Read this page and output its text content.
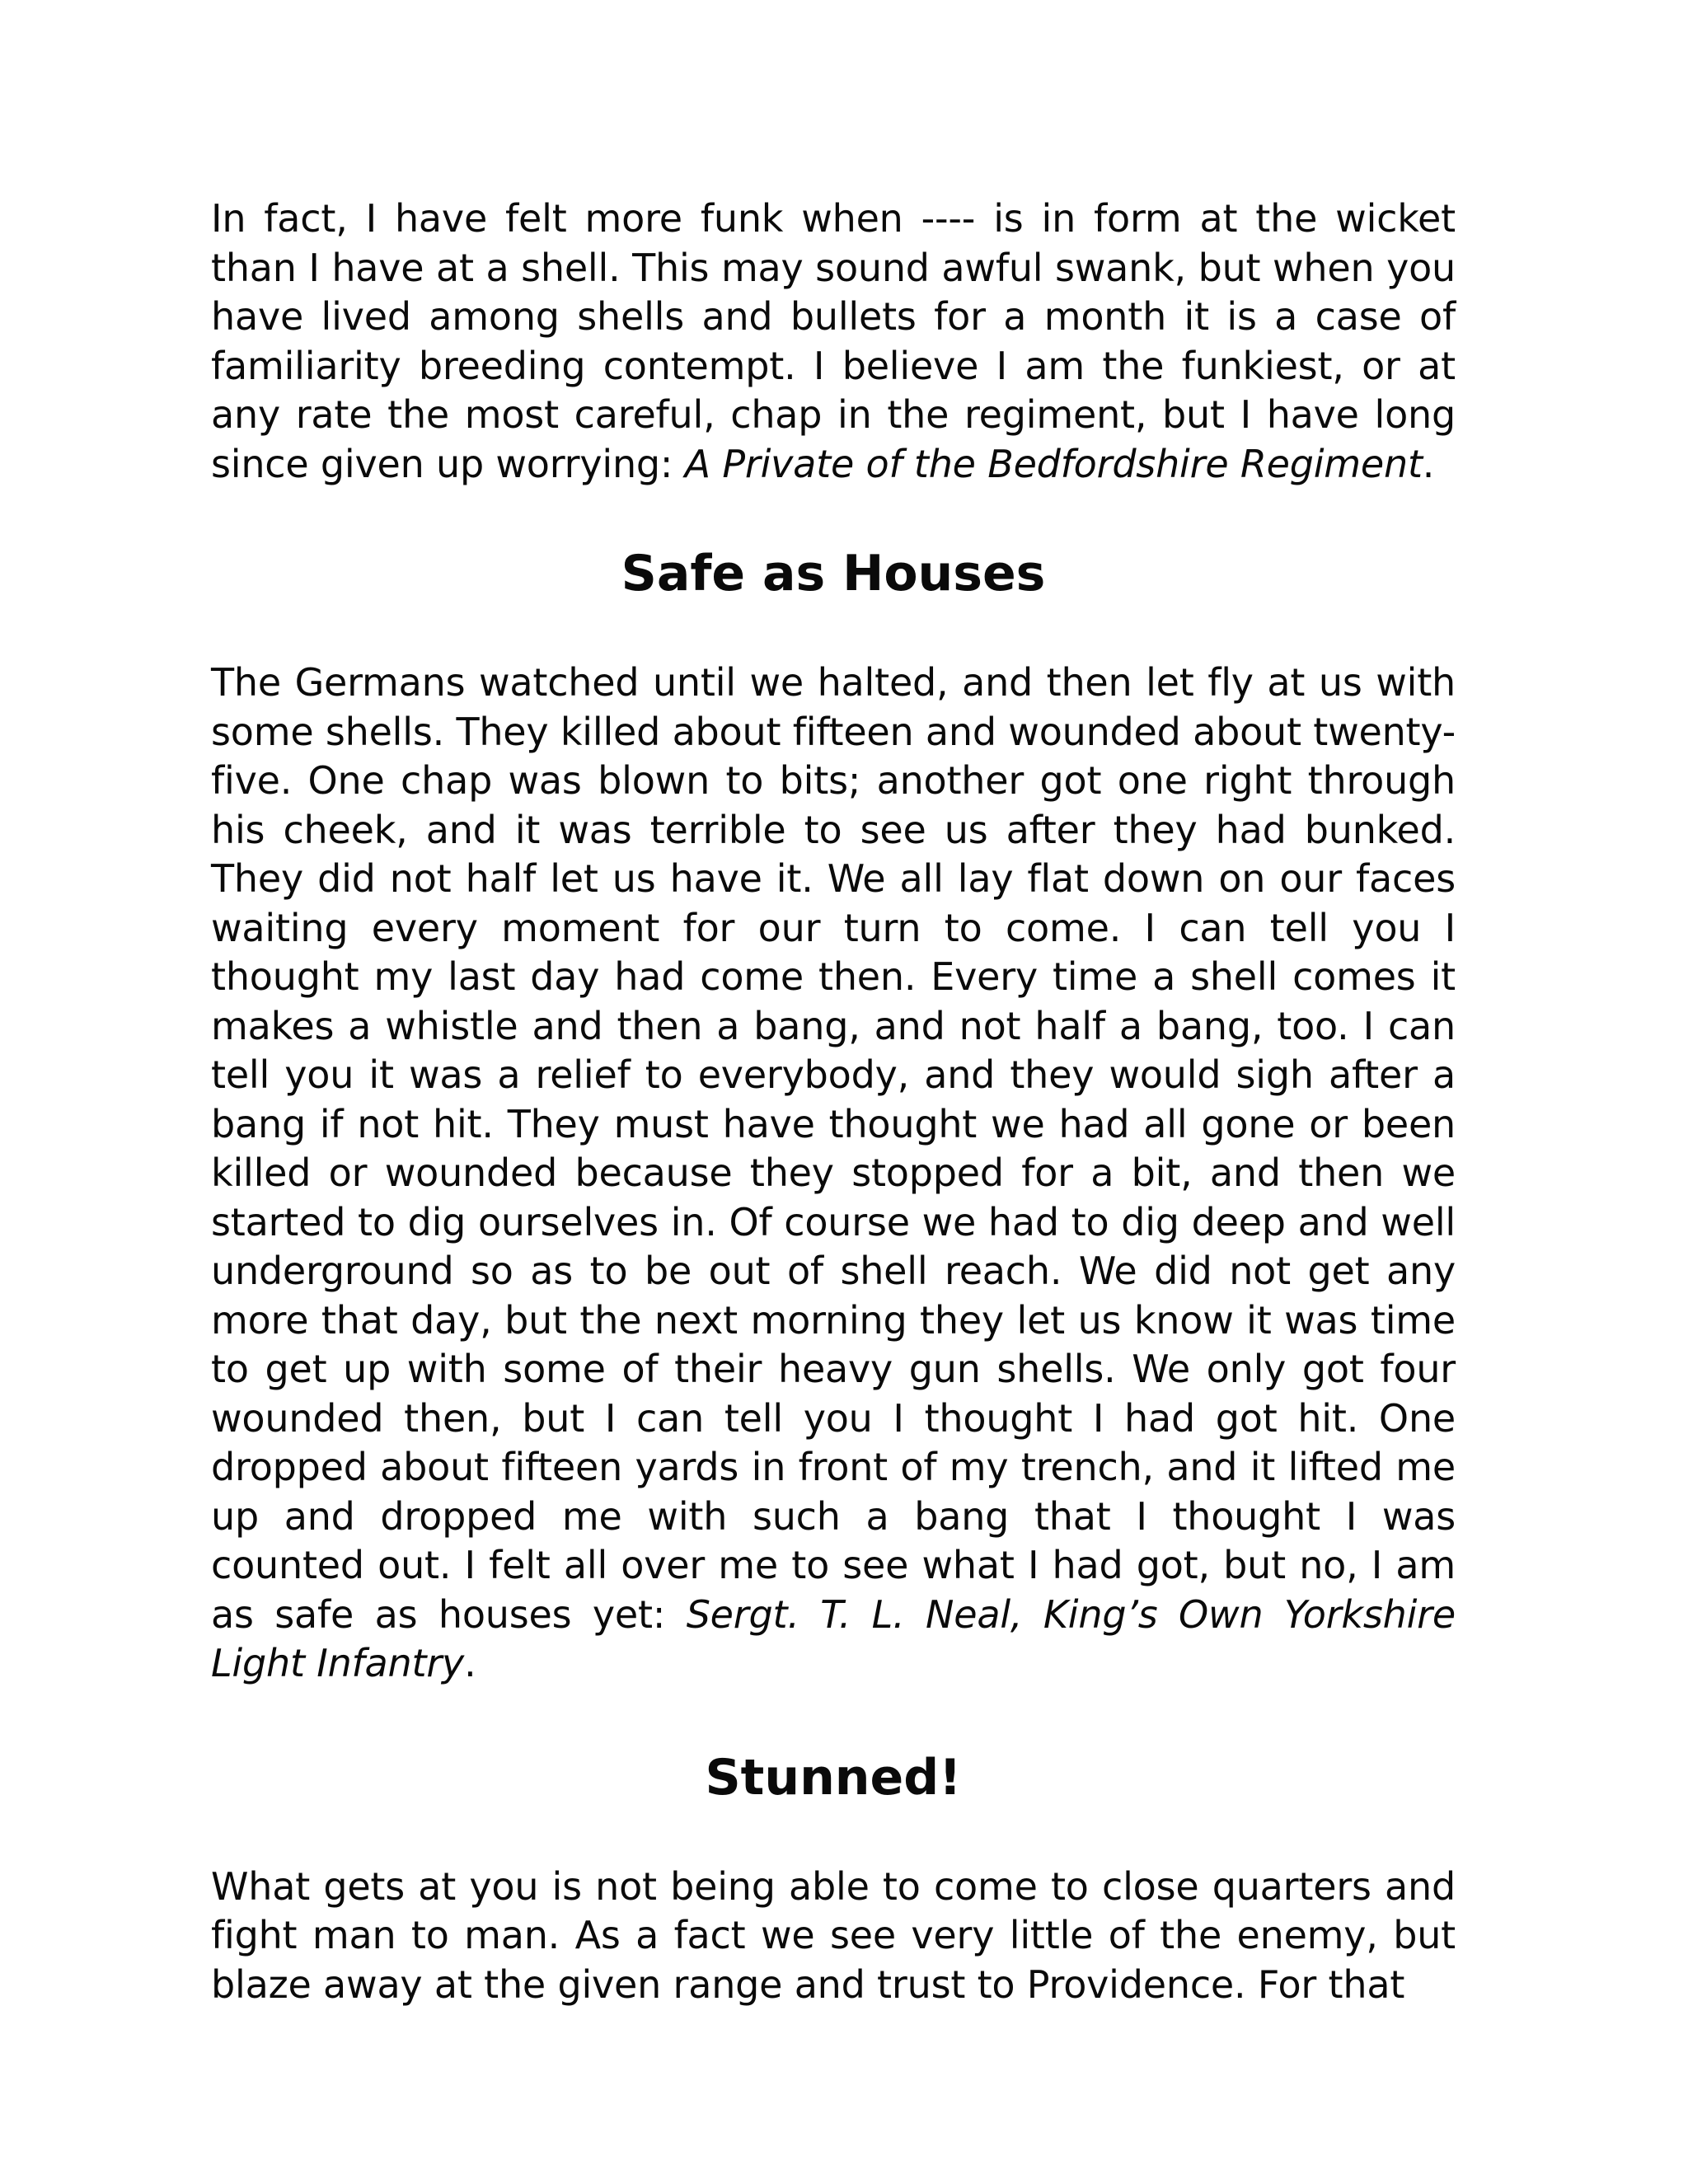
In fact, I have felt more funk when ---- is in form at the wicket than I have at a shell. This may sound awful swank, but when you have lived among shells and bullets for a month it is a case of familiarity breeding contempt. I believe I am the funkiest, or at any rate the most careful, chap in the regiment, but I have long since given up worrying: A Private of the Bedfordshire Regiment.

Safe as Houses

The Germans watched until we halted, and then let fly at us with some shells. They killed about fifteen and wounded about twenty-five. One chap was blown to bits; another got one right through his cheek, and it was terrible to see us after they had bunked. They did not half let us have it. We all lay flat down on our faces waiting every moment for our turn to come. I can tell you I thought my last day had come then. Every time a shell comes it makes a whistle and then a bang, and not half a bang, too. I can tell you it was a relief to everybody, and they would sigh after a bang if not hit. They must have thought we had all gone or been killed or wounded because they stopped for a bit, and then we started to dig ourselves in. Of course we had to dig deep and well underground so as to be out of shell reach. We did not get any more that day, but the next morning they let us know it was time to get up with some of their heavy gun shells. We only got four wounded then, but I can tell you I thought I had got hit. One dropped about fifteen yards in front of my trench, and it lifted me up and dropped me with such a bang that I thought I was counted out. I felt all over me to see what I had got, but no, I am as safe as houses yet: Sergt. T. L. Neal, King’s Own Yorkshire Light Infantry.

Stunned!

What gets at you is not being able to come to close quarters and fight man to man. As a fact we see very little of the enemy, but blaze away at the given range and trust to Providence. For that
